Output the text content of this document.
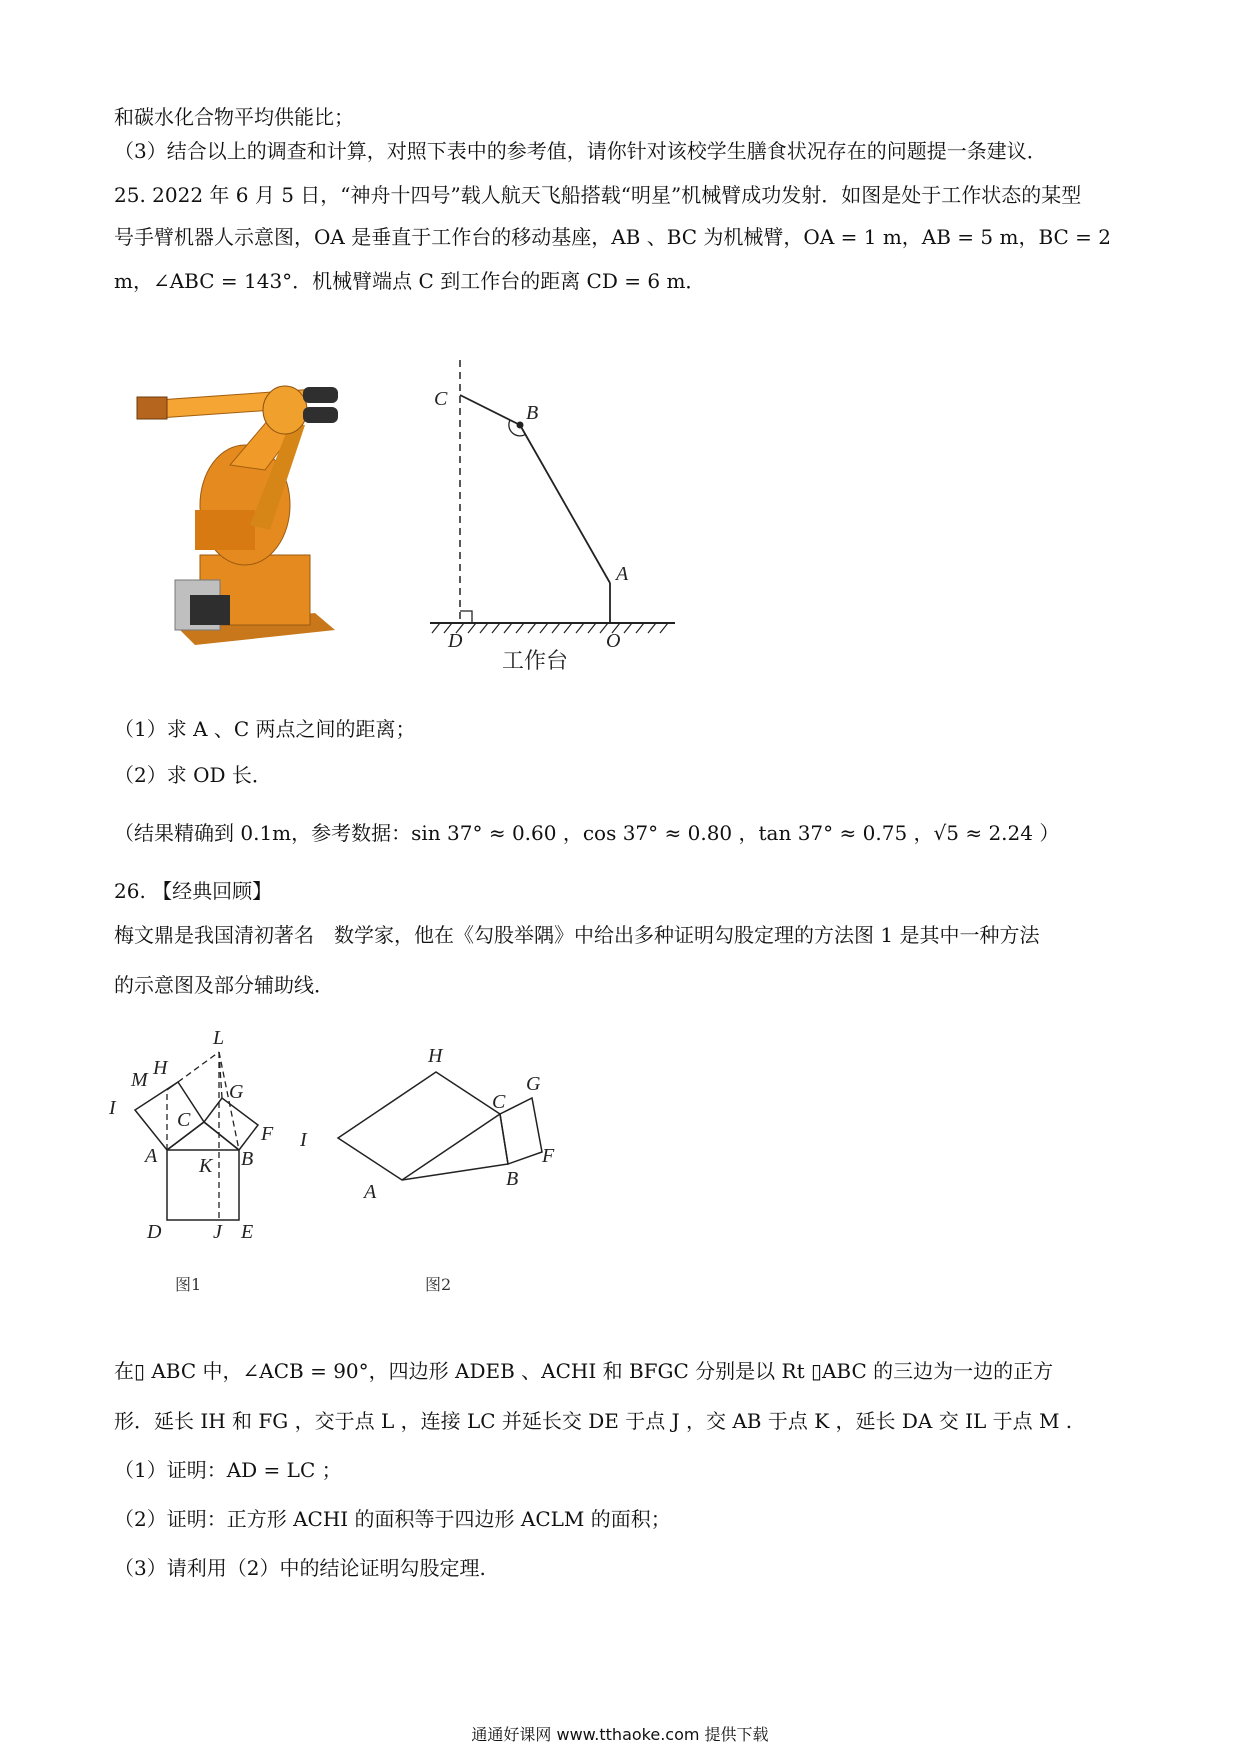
和碳水化合物平均供能比；
（3）结合以上的调查和计算，对照下表中的参考值，请你针对该校学生膳食状况存在的问题提一条建议．
25. 2022 年 6 月 5 日，“神舟十四号”载人航天飞船搭载“明星”机械臂成功发射．如图是处于工作状态的某型
号手臂机器人示意图，OA 是垂直于工作台的移动基座，AB 、BC 为机械臂，OA = 1 m，AB = 5 m，BC = 2
m，∠ABC = 143°．机械臂端点 C 到工作台的距离 CD = 6 m．
C
B
A
D	O
工作台
（1）求 A 、C 两点之间的距离；
（2）求 OD 长．
（结果精确到 0.1m，参考数据：sin 37° ≈ 0.60 ，cos 37° ≈ 0.80 ，tan 37° ≈ 0.75 ，√5 ≈ 2.24 ）
26. 【经典回顾】
梅文鼎是我国清初著名　数学家，他在《勾股举隅》中给出多种证明勾股定理的方法图 1 是其中一种方法
的示意图及部分辅助线．
L
M
H
G
I
C
F
A K B
D	J E
图1
H
G
C
I
F
A
B
图2
在▯ ABC 中，∠ACB = 90°，四边形 ADEB 、ACHI 和 BFGC 分别是以 Rt ▯ABC 的三边为一边的正方
形．延长 IH 和 FG ，交于点 L ，连接 LC 并延长交 DE 于点 J ，交 AB 于点 K ，延长 DA 交 IL 于点 M .
（1）证明：AD = LC ；
（2）证明：正方形 ACHI 的面积等于四边形 ACLM 的面积；
（3）请利用（2）中的结论证明勾股定理.
通通好课网 www.tthaoke.com 提供下载
